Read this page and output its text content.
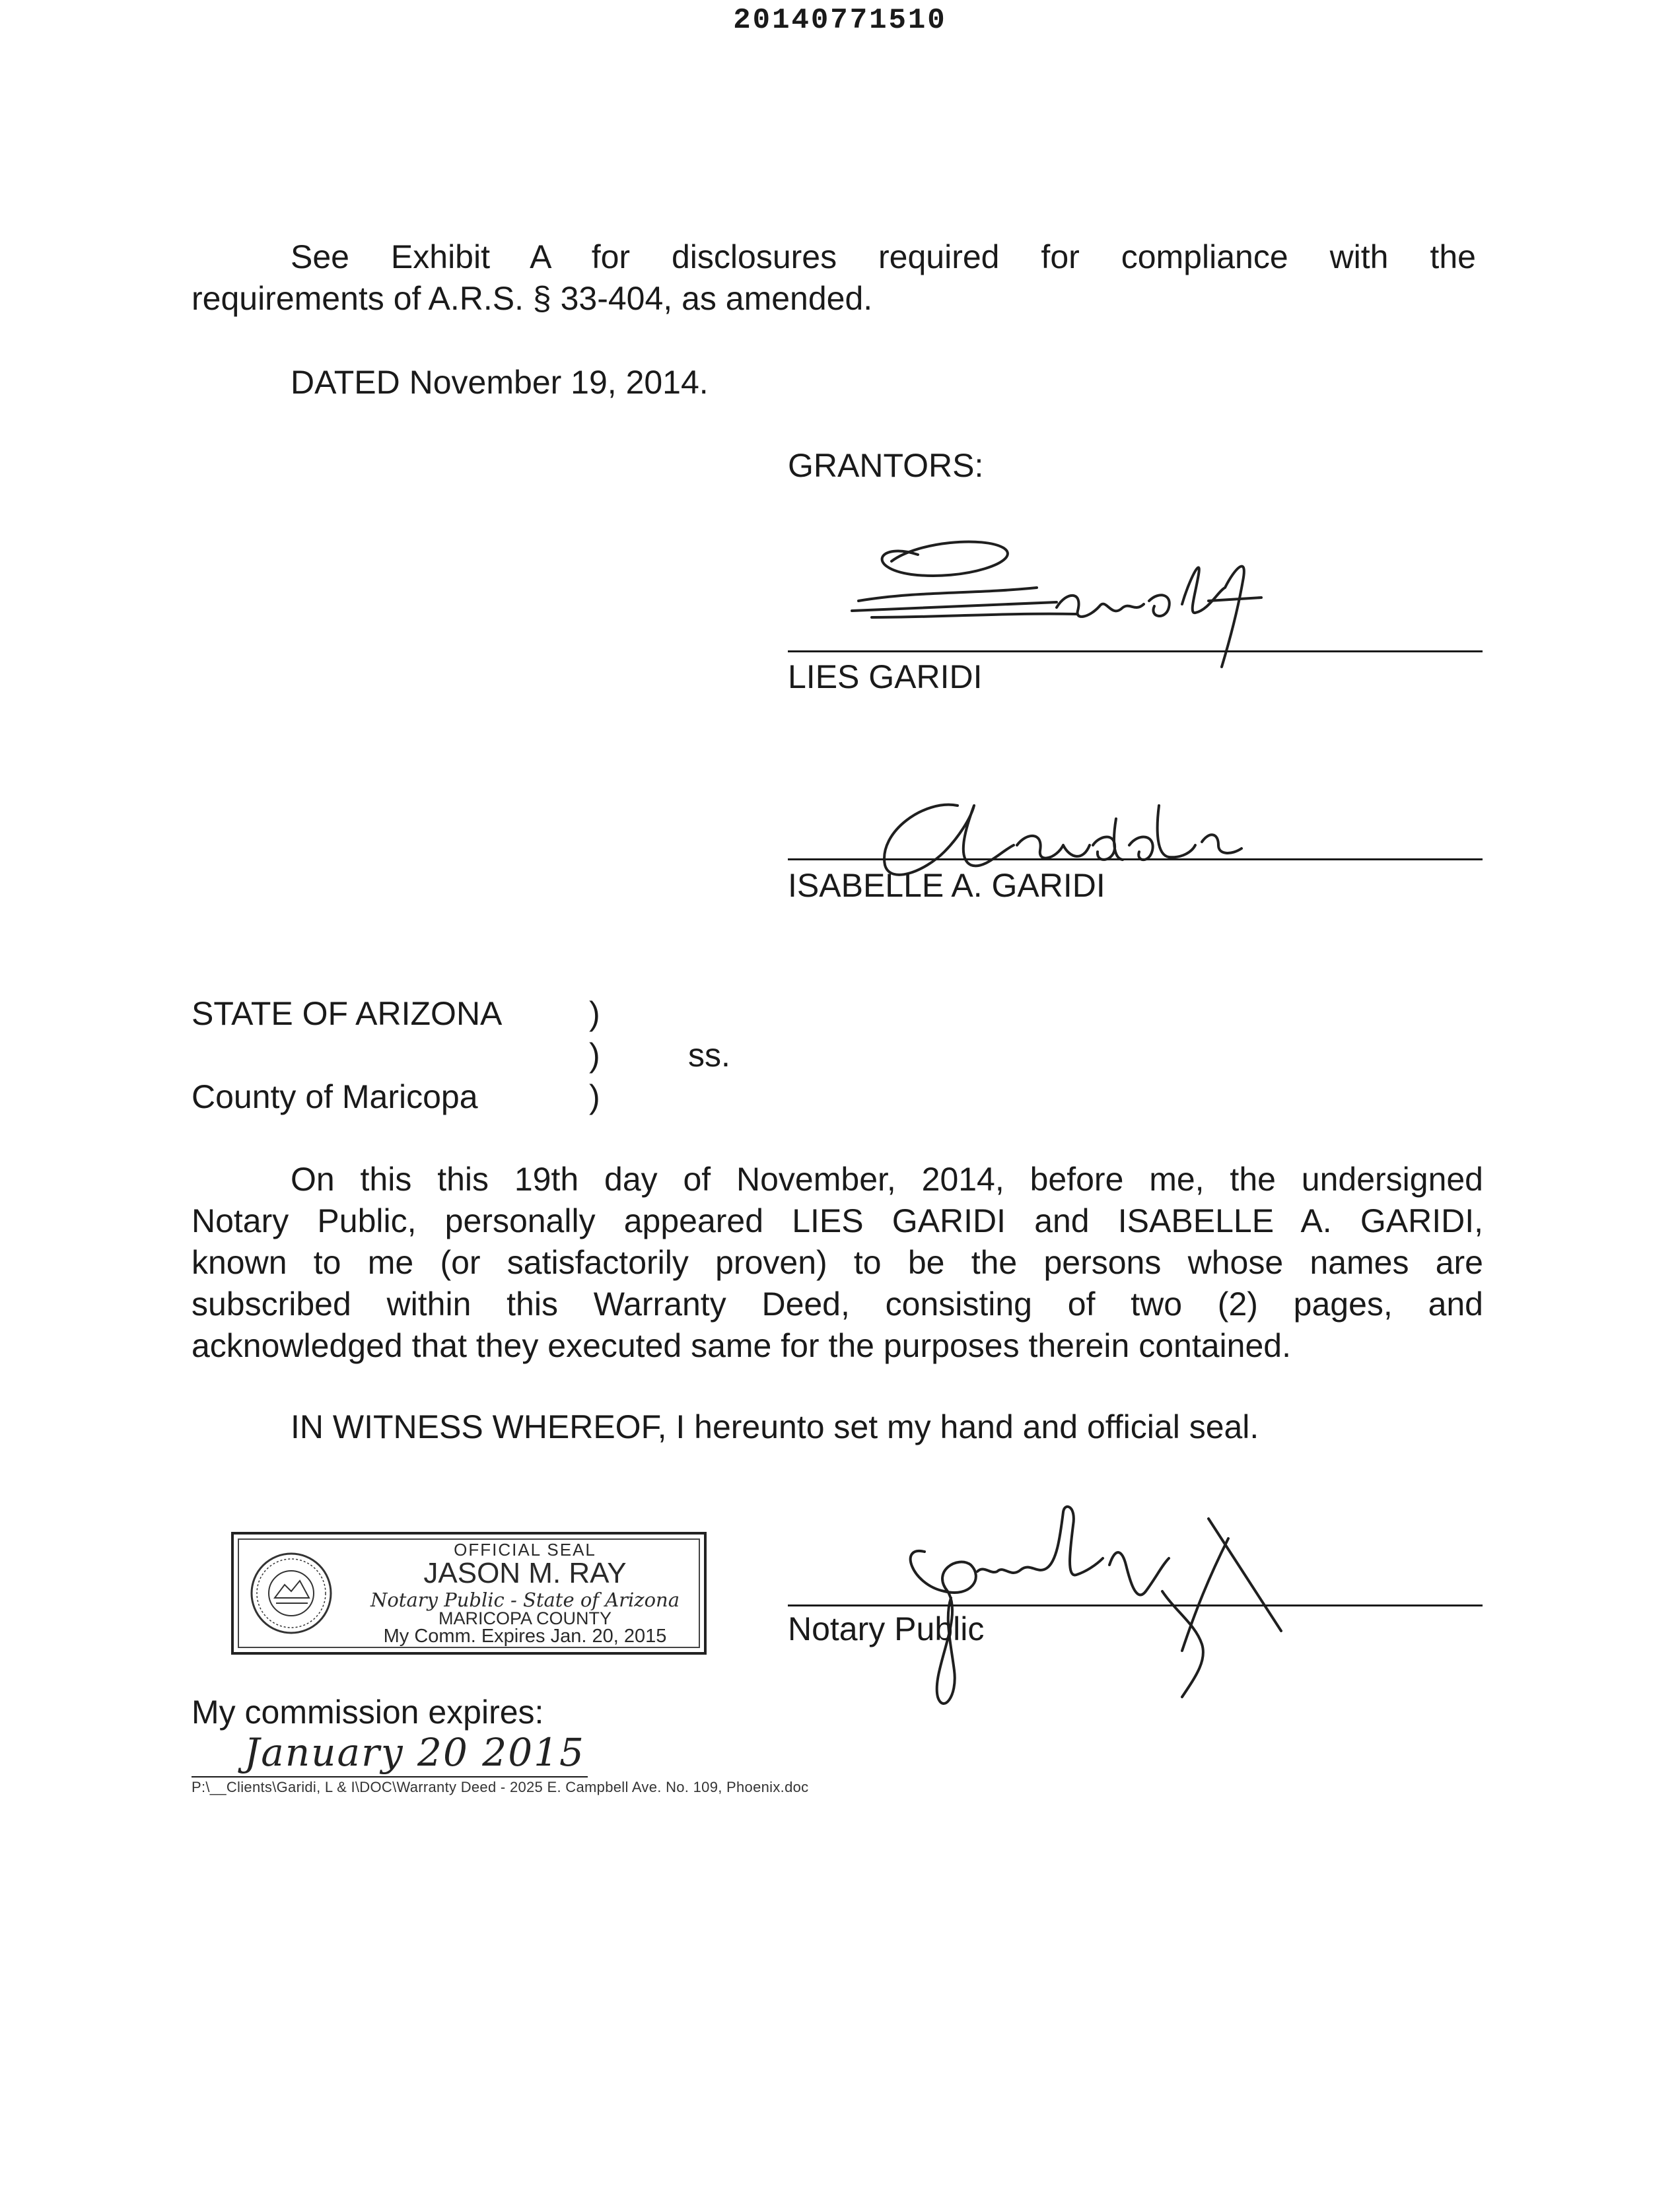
20140771510
See Exhibit A for disclosures required for compliance with the
requirements of A.R.S. § 33-404, as amended.
DATED November 19, 2014.
GRANTORS:
LIES GARIDI
ISABELLE A. GARIDI
STATE OF ARIZONA	)
)	ss.
County of Maricopa	)
On this this 19th day of November, 2014, before me, the undersigned
Notary Public, personally appeared LIES GARIDI and ISABELLE A. GARIDI,
known to me (or satisfactorily proven) to be the persons whose names are
subscribed within this Warranty Deed, consisting of two (2) pages, and
acknowledged that they executed same for the purposes therein contained.
IN WITNESS WHEREOF, I hereunto set my hand and official seal.
OFFICIAL SEAL
JASON M. RAY
Notary Public - State of Arizona
MARICOPA COUNTY
My Comm. Expires Jan. 20, 2015	Notary Public
My commission expires:
January 20 2015
P:\__Clients\Garidi, L & I\DOC\Warranty Deed - 2025 E. Campbell Ave. No. 109, Phoenix.doc
